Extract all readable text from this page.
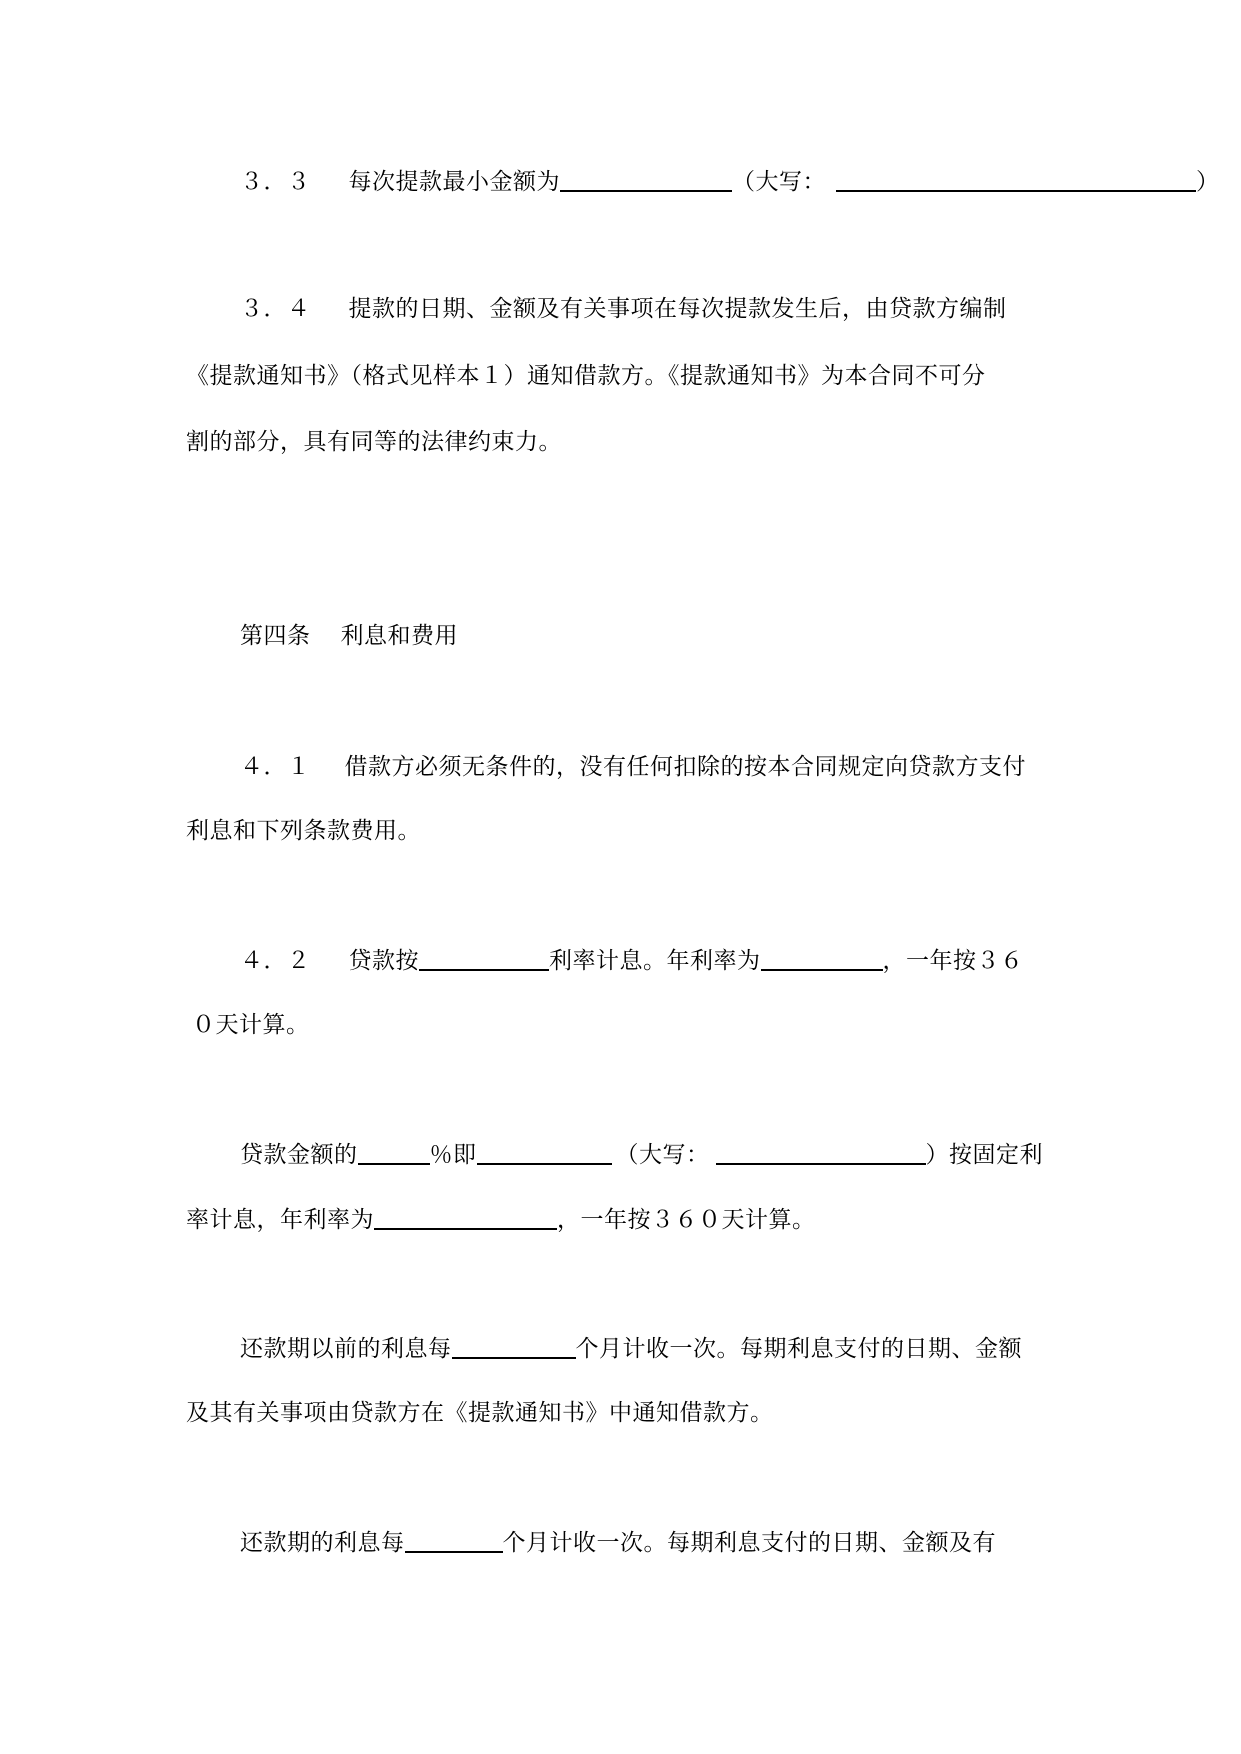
３．３ 每次提款最小金额为	（大写：	）
３．４ 提款的日期、金额及有关事项在每次提款发生后，由贷款方编制
《提款通知书》（格式见样本１）通知借款方。《提款通知书》为本合同不可分
割的部分，具有同等的法律约束力。
第四条 利息和费用
４．１ 借款方必须无条件的，没有任何扣除的按本合同规定向贷款方支付
利息和下列条款费用。
４．２ 贷款按	利率计息。年利率为	，一年按３６
０天计算。
贷款金额的	％即	（大写：	）按固定利
率计息，年利率为	，一年按３６０天计算。
还款期以前的利息每	个月计收一次。每期利息支付的日期、金额
及其有关事项由贷款方在《提款通知书》中通知借款方。
还款期的利息每	个月计收一次。每期利息支付的日期、金额及有
